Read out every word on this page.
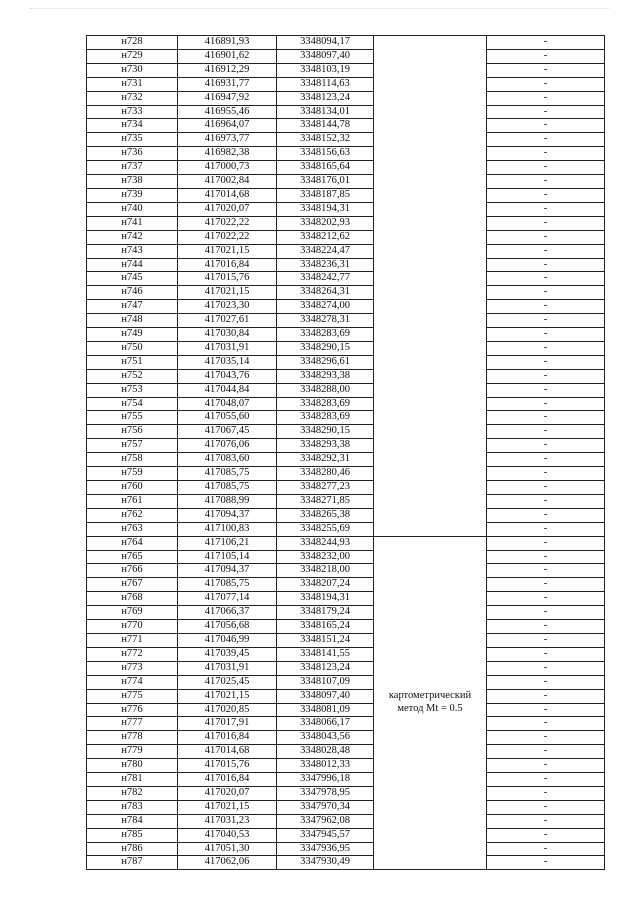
н728	416891,93	3348094,17		-
н729	416901,62	3348097,40		-
н730	416912,29	3348103,19		-
н731	416931,77	3348114,63		-
н732	416947,92	3348123,24		-
н733	416955,46	3348134,01		-
н734	416964,07	3348144,78		-
н735	416973,77	3348152,32		-
н736	416982,38	3348156,63		-
н737	417000,73	3348165,64		-
н738	417002,84	3348176,01		-
н739	417014,68	3348187,85		-
н740	417020,07	3348194,31		-
н741	417022,22	3348202,93		-
н742	417022,22	3348212,62		-
н743	417021,15	3348224,47		-
н744	417016,84	3348236,31		-
н745	417015,76	3348242,77		-
н746	417021,15	3348264,31		-
н747	417023,30	3348274,00		-
н748	417027,61	3348278,31		-
н749	417030,84	3348283,69		-
н750	417031,91	3348290,15		-
н751	417035,14	3348296,61		-
н752	417043,76	3348293,38		-
н753	417044,84	3348288,00		-
н754	417048,07	3348283,69		-
н755	417055,60	3348283,69		-
н756	417067,45	3348290,15		-
н757	417076,06	3348293,38		-
н758	417083,60	3348292,31		-
н759	417085,75	3348280,46		-
н760	417085,75	3348277,23		-
н761	417088,99	3348271,85		-
н762	417094,37	3348265,38		-
н763	417100,83	3348255,69		-
н764	417106,21	3348244,93	картометрический
метод Mt = 0.5	-
н765	417105,14	3348232,00		-
н766	417094,37	3348218,00		-
н767	417085,75	3348207,24		-
н768	417077,14	3348194,31		-
н769	417066,37	3348179,24		-
н770	417056,68	3348165,24		-
н771	417046,99	3348151,24		-
н772	417039,45	3348141,55		-
н773	417031,91	3348123,24		-
н774	417025,45	3348107,09		-
н775	417021,15	3348097,40		-
н776	417020,85	3348081,09		-
н777	417017,91	3348066,17		-
н778	417016,84	3348043,56		-
н779	417014,68	3348028,48		-
н780	417015,76	3348012,33		-
н781	417016,84	3347996,18		-
н782	417020,07	3347978,95		-
н783	417021,15	3347970,34		-
н784	417031,23	3347962,08		-
н785	417040,53	3347945,57		-
н786	417051,30	3347936,95		-
н787	417062,06	3347930,49		-
